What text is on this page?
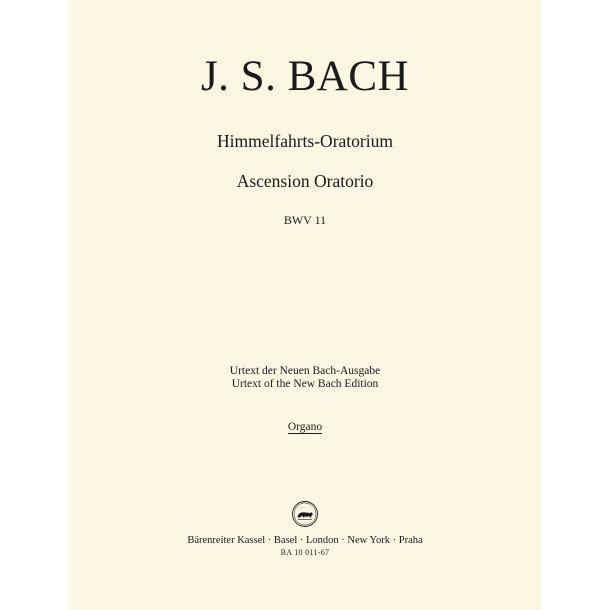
J. S. BACH
Himmelfahrts-Oratorium
Ascension Oratorio
BWV 11
Urtext der Neuen Bach-Ausgabe
Urtext of the New Bach Edition
Organo
Bärenreiter Kassel · Basel · London · New York · Praha
BA 10 011-67
